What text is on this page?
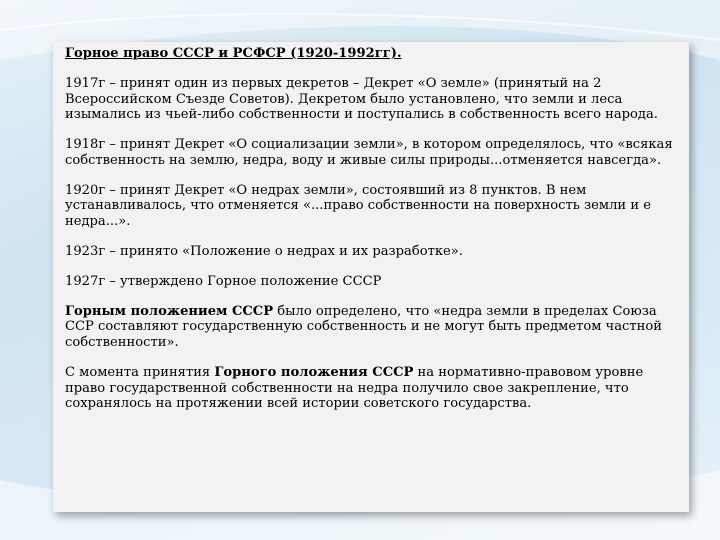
Горное право СССР и РСФСР (1920-1992гг).

1917г – принят один из первых декретов – Декрет «О земле» (принятый на 2 Всероссийском Съезде Советов). Декретом было установлено, что земли и леса изымались из чьей-либо собственности и поступались в собственность всего народа.

1918г – принят Декрет «О социализации земли», в котором определялось, что «всякая собственность на землю, недра, воду и живые силы природы...отменяется навсегда».

1920г – принят Декрет «О недрах земли», состоявший из 8 пунктов. В нем устанавливалось, что отменяется «...право собственности на поверхность земли и е недра...».

1923г – принято «Положение о недрах и их разработке».

1927г – утверждено Горное положение СССР

Горным положением СССР было определено, что «недра земли в пределах Союза ССР составляют государственную собственность и не могут быть предметом частной собственности».

С момента принятия Горного положения СССР на нормативно-правовом уровне право государственной собственности на недра получило свое закрепление, что сохранялось на протяжении всей истории советского государства.
